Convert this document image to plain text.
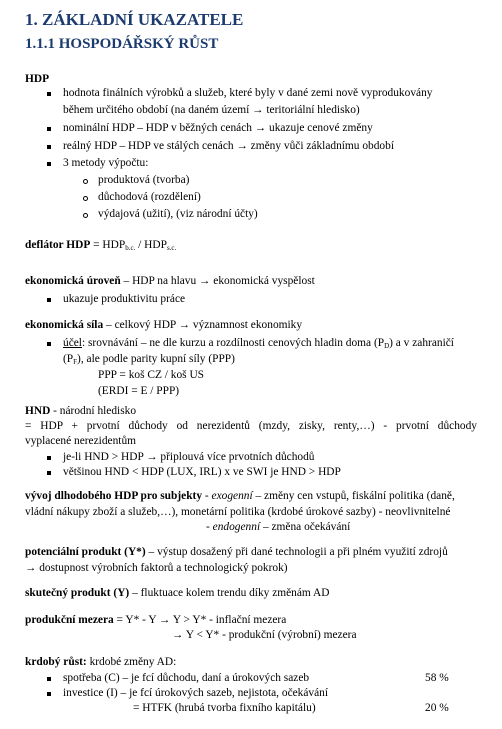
1. ZÁKLADNÍ UKAZATELE
1.1.1 HOSPODÁŘSKÝ RŮST
HDP
hodnota finálních výrobků a služeb, které byly v dané zemi nově vyprodukovány
během určitého období (na daném území → teritoriální hledisko)
nominální HDP – HDP v běžných cenách → ukazuje cenové změny
reálný HDP – HDP ve stálých cenách → změny vůči základnímu období
3 metody výpočtu:
produktová (tvorba)
důchodová (rozdělení)
výdajová (užití), (viz národní účty)
deflátor HDP = $HDP_{b.c.} / HDP_{s.c.}$
ekonomická úroveň – HDP na hlavu → ekonomická vyspělost
ukazuje produktivitu práce
ekonomická síla – celkový HDP → významnost ekonomiky
účel: srovnávání – ne dle kurzu a rozdílnosti cenových hladin doma $(P_D)$ a v zahraničí
$(P_F)$, ale podle parity kupní síly (PPP)
PPP = koš CZ / koš US
(ERDI = E / PPP)
HND - národní hledisko
= HDP + prvotní důchody od nerezidentů (mzdy, zisky, renty,…) - prvotní důchody
vyplacené nerezidentům
je-li HND > HDP → připlouvá více prvotních důchodů
většinou HND < HDP (LUX, IRL) x ve SWI je HND > HDP
vývoj dlhodobého HDP pro subjekty - exogenní – změny cen vstupů, fiskální politika (daně,
vládní nákupy zboží a služeb,…), monetární politika (krdobé úrokové sazby) - neovlivnitelné
- endogenní – změna očekávání
potenciální produkt (Y*) – výstup dosažený při dané technologii a při plném využití zdrojů
→ dostupnost výrobních faktorů a technologický pokrok)
skutečný produkt (Y) – fluktuace kolem trendu díky změnám AD
produkční mezera = Y* - Y → Y > Y* - inflační mezera
→ Y < Y* - produkční (výrobní) mezera
krdobý růst: krdobé změny AD:
spotřeba (C) – je fcí důchodu, daní a úrokových sazeb	58 %
investice (I) – je fcí úrokových sazeb, nejistota, očekávání
= HTFK (hrubá tvorba fixního kapitálu)	20 %
